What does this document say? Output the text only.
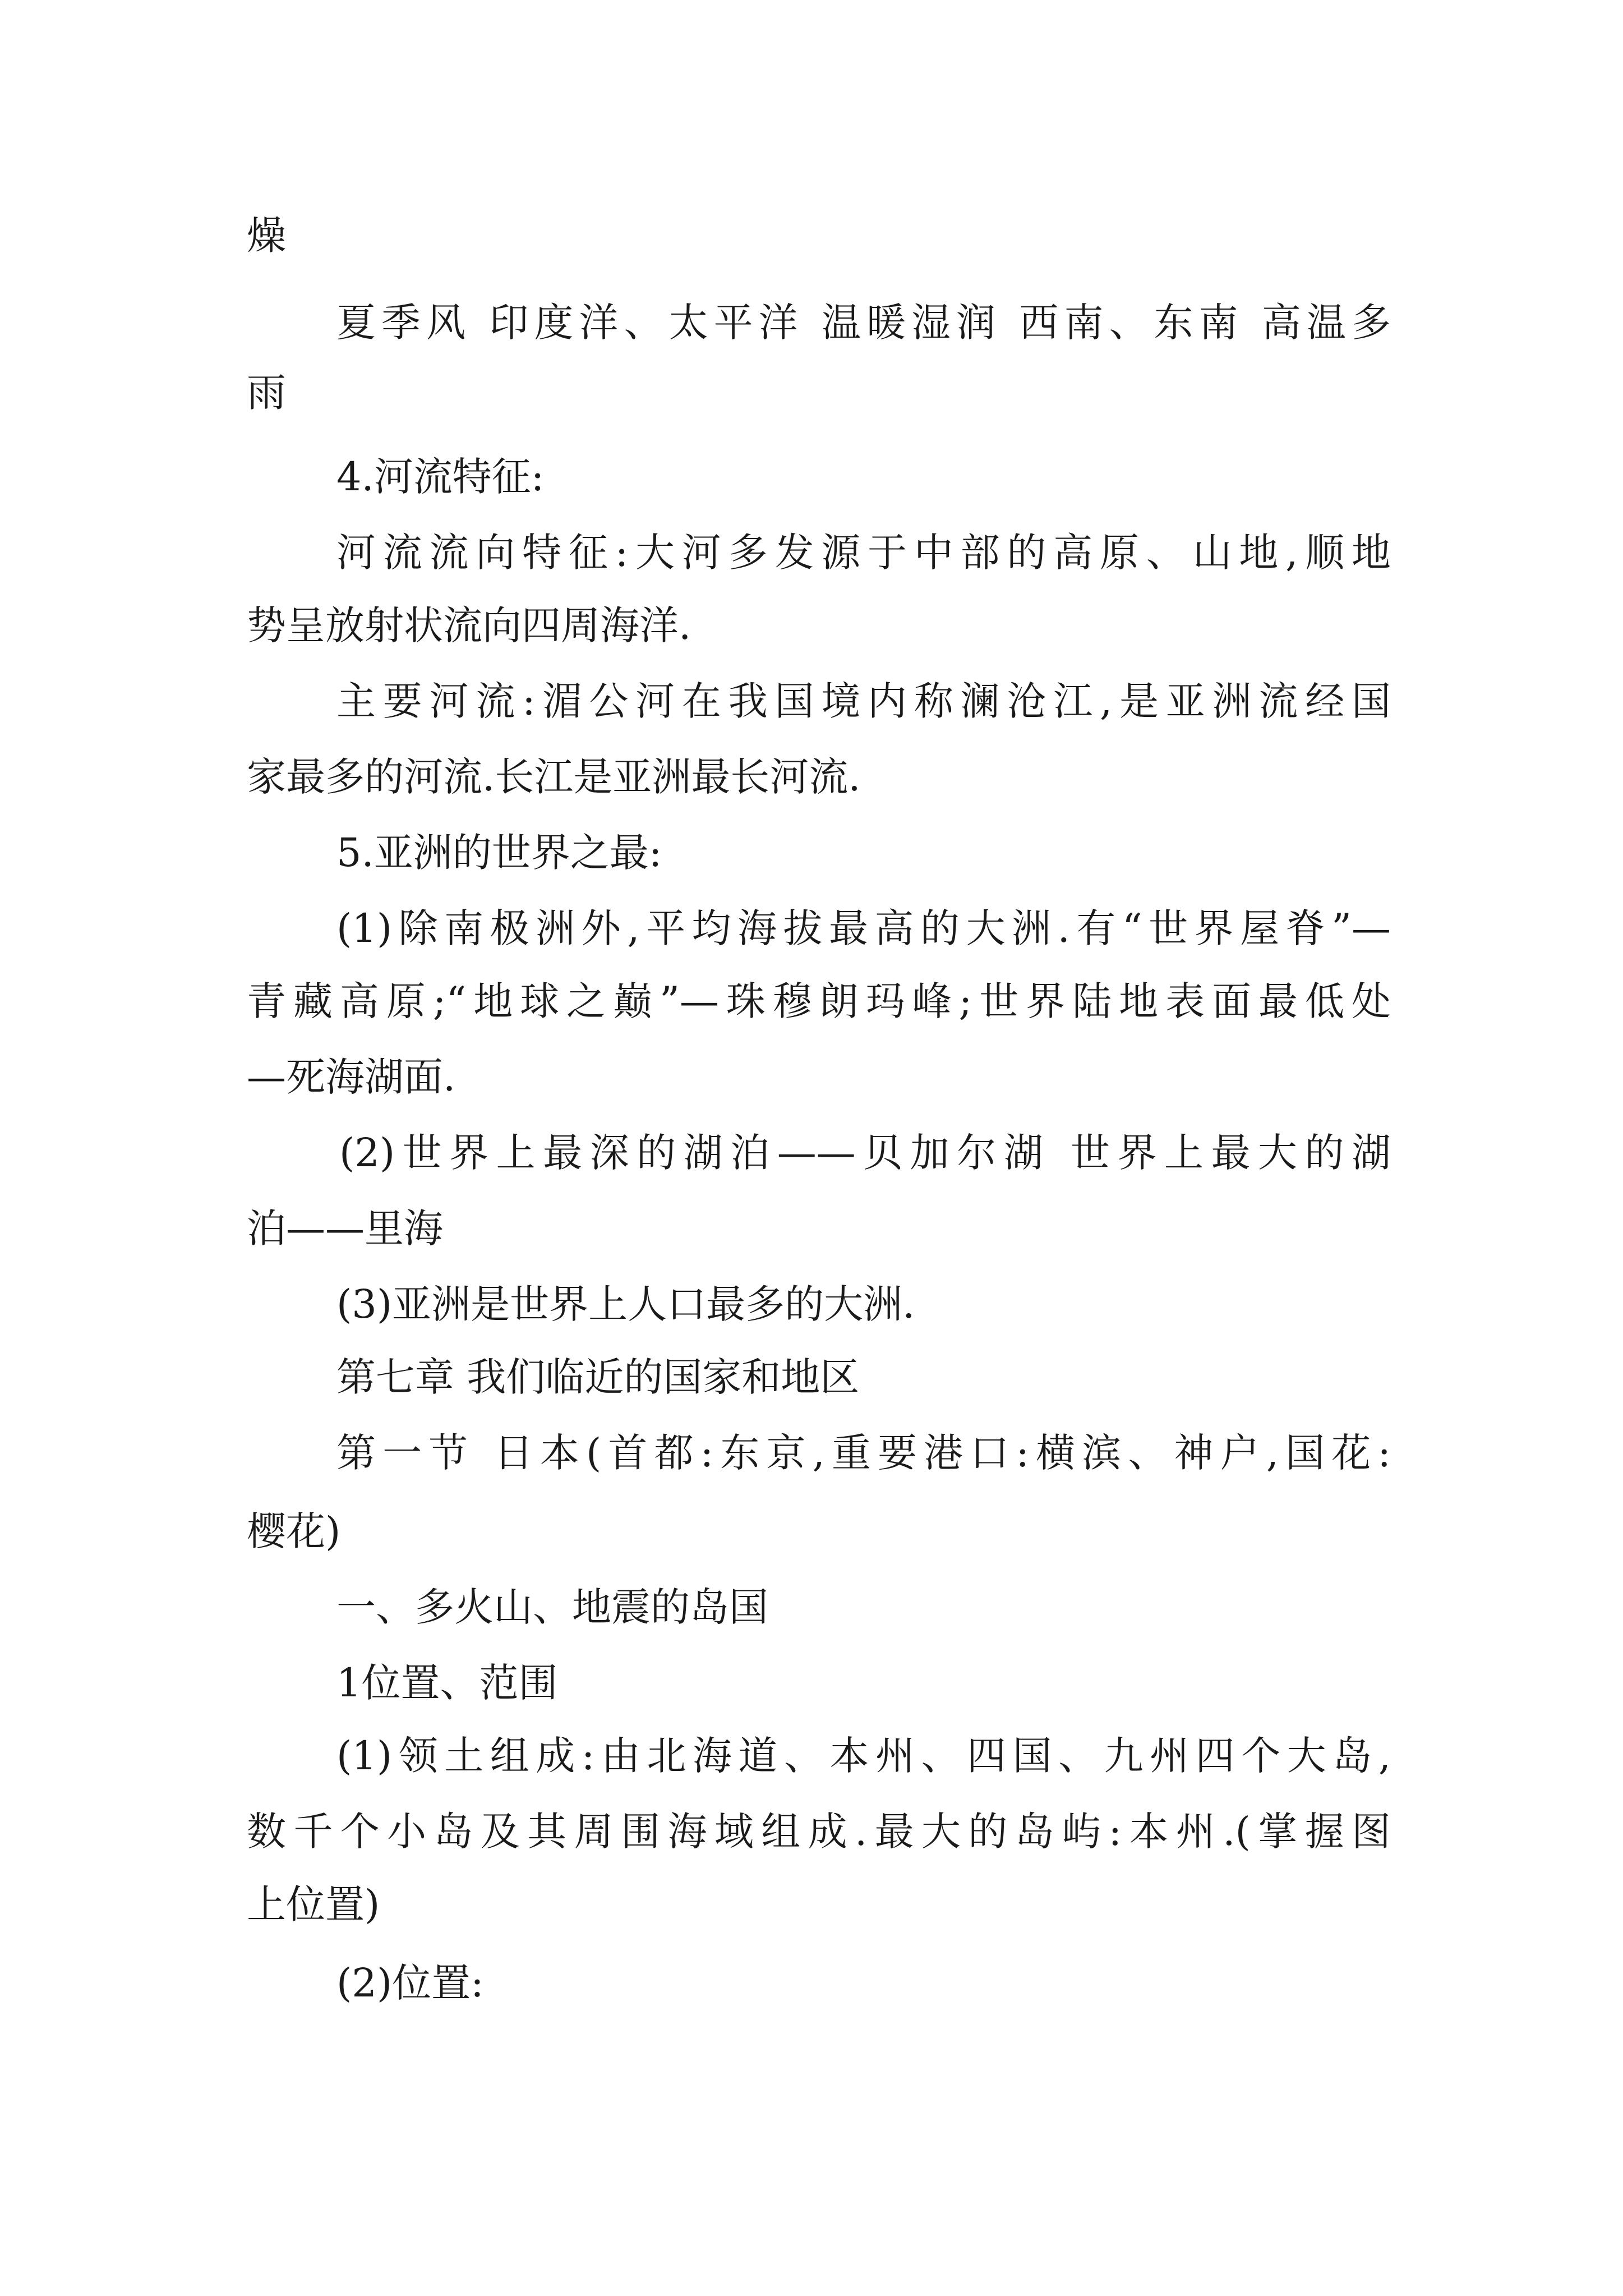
燥
夏季风 印度洋、太平洋 温暖湿润 西南、东南 高温多
雨
4.河流特征:
河流流向特征:大河多发源于中部的高原、山地,顺地
势呈放射状流向四周海洋.
主要河流:湄公河在我国境内称澜沧江,是亚洲流经国
家最多的河流.长江是亚洲最长河流.
5.亚洲的世界之最:
(1)除南极洲外,平均海拔最高的大洲.有“世界屋脊”—
青藏高原;“地球之巅”—珠穆朗玛峰;世界陆地表面最低处
—死海湖面.
(2)世界上最深的湖泊——贝加尔湖 世界上最大的湖
泊——里海
(3)亚洲是世界上人口最多的大洲.
第七章 我们临近的国家和地区
第一节 日本(首都:东京,重要港口:横滨、神户,国花:
樱花)
一、多火山、地震的岛国
1位置、范围
(1)领土组成:由北海道、本州、四国、九州四个大岛,
数千个小岛及其周围海域组成.最大的岛屿:本州.(掌握图
上位置)
(2)位置:
